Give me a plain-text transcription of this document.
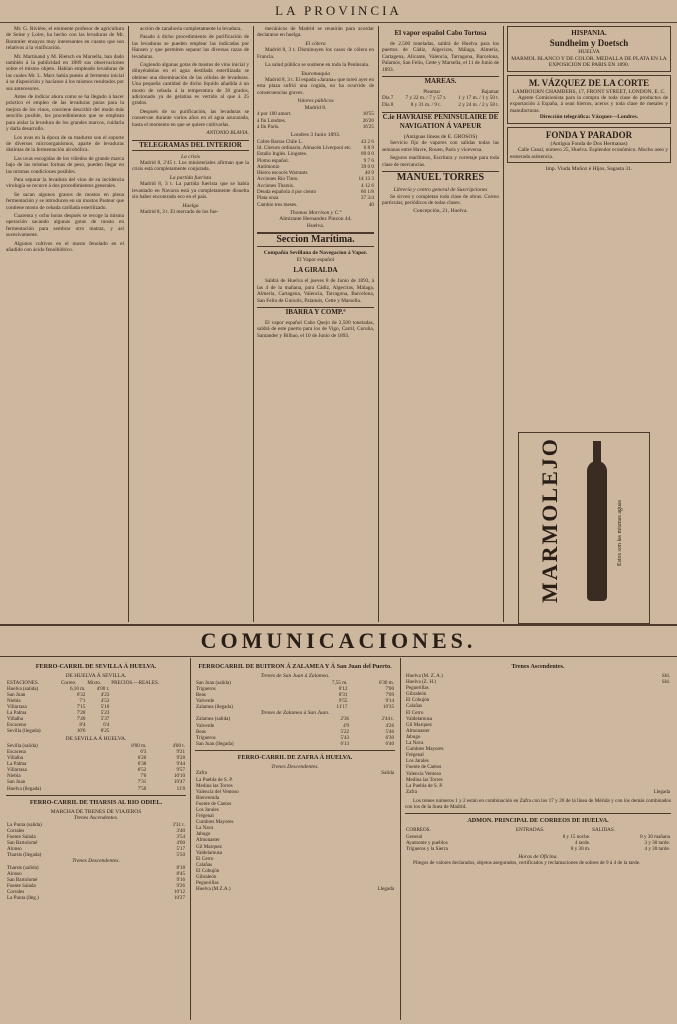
LA PROVINCIA

Mr. G. Rivière, el eminente profesor de agricultura de Seine y Loire, ha hecho con las levaduras de Mr. Rommier ensayos muy interesantes en cuanto que son relativos á la vinificación.

Mr. Martinand y M. Rietsch en Marsella, han dado también á la publicidad en 1889 sus observaciones sobre el mismo objeto. Habían empleado levaduras de las cuales Mr. L. Marx había puesto al fermento inicial á su disposición y hacíanse á los mismos resultados por sus antecesores.

Antes de indicar ahora como se ha llegado á hacer práctico el empleo de las levaduras puras para la mejora de los vinos, conviene describir del modo más sencillo posible, los procedimientos que se emplean para aislar la levadura de los grandes marcos, cuidarla y darla desarrollo.

Los uvas en la época de su madurez son el soporte de diversos microorganismos, aparte de levaduras distintas de la fermentación alcohólica.

Las uvas escogidas de los viñedos de grande marca bajo de las mismas formas de peso, pueden llegar en las mismas condiciones posibles.

Para separar la levadura del vino de su incidencia virología se recurre á dos procedimientos generales.

Se sacan algunos granos de mostos en plena fermentación y se introducen en un mostos Pasteur que contiene mosto de cebada cariñada esterilizado.

Cuarenta y ocho horas después se recoge la misma operación sacando algunas gotas de mosto en fermentación para sembrar otro matraz, y así sucesivamente.

Algunos cultivos en el mosto fenolado en el añadido con ácido fenolhídrico.

acción de zanahoria completamente la levadura.

Pasado á dicho procedimiento de purificación de las levaduras se pueden emplear las indicadas por Hansen y que permiten separar las diversas razas de levaduras.

Cogiendo algunas gotas de mostos de vino inicial y diluyéndolas en el agua destilada esterilizada se obtiene una diseminación de las células de levaduras. Una pequeña cantidad de dicho liquido añadida á un mosto de cebada á la temperatura de 30 grados, adicionado ya de gelatina es vertido al que á 25 grados.

Después de su purificación, las levaduras se conservan durante varios años en el agua azucarada, hasta el momento en que se quiere cultivarlas.

ANTONIO BLAVIA.
TELEGRAMAS DEL INTERIOR
La crisis

Madrid 8, 2'45 t. Los ministeriales afirman que la crisis está completamente conjurada.

La partida fuerista

Madrid 8, 3 t. La partida fuerista que se había levantado en Navarra está ya completamente disuelta sin haber encontrado eco en el país.

Huelga

Madrid 8, 3 t. El mercado de los fue-

mecánicos de Madrid se reunirán para acordar declararse en huelga.

El cólera

Madrid 8, 3 t. Disminuyen los casos de cólera en Francia.

La salud pública se sostiene en toda la Península.

Tauromaquia

Madrid 8, 3 t. El espada «Jarana» que toreó ayer en esta plaza sufrió una cogida, no ha ocurrido de consecuencias graves.

Valores públicos
Madrid 8.
4 por 100 amort.	18'55
á fin Londres.	26'20
á fin París.	16'25
Londres 3 Junio 1893.
Cobre Barras Chile L.	43 2 6
Id. Cloruro ordinario, Almacén Liverpool etc. 6 8 9
Estaño Inglés. Lingotes.	89 0 0
Plomo español.	9 7 6
Antimonio	39 0 0
Hierro escocés Warrants	40 9
Acciones Río Tinto.	14 13 3
Acciones Tharsis.	4 12 6
Deuda española 4 por ciento	66 1/8
Plata onza	37 3/4
Cambio tres meses.	40
Thomas Morrison y C.ª
Almirante Hernandez Pinzon 44.
Huelva.
Seccion Marítima.
Compañía Sevillana de Navegacion á Vapor.
El Vapor español
LA GIRALDA

Saldrá de Huelva el jueves 8 de Junio de 1893, á las 4 de la mañana, para Cádiz, Algeciras, Málaga, Almería, Cartagena, Valencia, Tarragona, Barcelona, San Feliu de Guixols, Palamós, Cette y Marsella.

IBARRA Y COMP.ª

El vapor español Cabo Quejo de 2,500 toneladas, saldrá de este puerto para los de Vigo, Carril, Coruña, Santander y Bilbao, el 10 de Junio de 1893.

El vapor español Cabo Tortosa

de 2.500 toneladas, saldrá de Huelva para los puertos de Cádiz, Algeciras, Málaga, Almería, Cartagena, Alicante, Valencia, Tarragona, Barcelona, Palamós, San Feliu, Cette y Marsella, el 11 de Junio de 1893.

MAREAS.
Pleamar	Bajamar
Día 7 7 y 22 m. / 7 y 57 t. 1 y 17 m. / 1 y 50 t.
Día 8	8 y 31 m. / 9 t.	2 y 24 m. / 2 y 58 t.
C.ie HAVRAISE PENINSULAIRE DE NAVIGATION Á VAPEUR
(Antiguas líneas de E. GROSOS)

Servicio fijo de vapores con salidas todas las semanas entre Havre, Rouen, París y viceversa.

Seguros marítimos, Escritura y corretaje para toda clase de mercancías.

MANUEL TORRES
Librería y centro general de Suscripciones

Se sirven y completan toda clase de obras. Correo particular, periódicos de todas clases.

Concepción, 21, Huelva.
HISPANIA.
Sundheim y Doetsch
HUELVA
MARMOL BLANCO Y DE COLOR. MEDALLA DE PLATA EN LA EXPOSICION DE PARIS EN 1890.
M. VÁZQUEZ DE LA CORTE
LAMBOURN CHAMBERS, 17, FRONT STREET, LONDON, E. C.

Agente Comisionista para la compra de toda clase de productos de exportación á España, á sean hierros, aceros y toda clase de metales y manufacturas.

Dirección telegráfica: Vázquez—Londres.
FONDA Y PARADOR
(Antigua Fonda de Dos Hermanas)

Calle Canal, número 25, Huelva. Esplendor económico. Mucho aseo y esmerada asistencia.

Imp. Viuda Muñoz é Hijos, Sagasta 31.
MARMOLEJO	Estos son las mismas aguas
COMUNICACIONES.
FERRO-CARRIL DE SEVILLA Á HUELVA.
DE HUELVA Á SEVILLA.
ESTACIONES.	Correo.	Mixto.	PRECIOS.—REALES.
Huelva (salida)	6,10 m.	4'00 t.	
San Juan	6'32	4'23	
Niebla	7'1	4'53	
Villarrasa	7'15	5'10	
La Palma	7'28	5'23	
Villalba	7'40	5'37	
Escacena	8'4	6'4	
Sevilla (llegada)	10'6	8'25	
DE SEVILLA Á HUELVA.
Sevilla (salida)	8'00 m.	4'00 t.
Escacena	6'3	9'21
Villalba	6'26	9'28
La Palma	6'38	9'44
Villarrasa	6'52	9'57
Niebla	7'6	10'10
San Juan	7'31	10'47
Huelva (llegada)	7'50	11'8
FERRO-CARRIL DE THARSIS AL RIO ODIEL.
MARCHA DE TRENES DE VIAJEROS
Trenes Ascendentes.
La Punta (salida)	3'31 t.
Corrales	3'40
Fuente Salada	3'54
San Bartolomé	4'00
Alonso	5'17
Tharsis (llegada)	5'50
Trenes Descendentes.
Tharsis (salida)	8'18
Alonso	8'45
San Bartolomé	9'16
Fuente Salada	9'26
Corrales	10'12
La Punta (lleg.)	10'27
FERROCARRIL DE BUITRON Á ZALAMEA Y Á San Juan del Puerto.
Trenes de San Juan á Zalamea.
San Juan (salida)	7,55 m.	6'30 m.
Trigueros	8'12	7'00
Beas	8'31	7'09
Valverde	9'55	9'14
Zalamea (llegada)	11'17	10'35
Trenes de Zalamea á San Juan.
Zalamea (salida)	2'36	2'44 t.
Valverde	4'9	4'26
Beas	5'22	5'46
Trigueros	5'43	6'30
San Juan (llegada)	6'13	6'40
FERRO-CARRIL DE ZAFRA Á HUELVA.
Trenes Descendentes.
Zafra	Salida
La Puebla de S. P.	
Medina las Torres	
Valencia del Ventoso	
Bienvenida	
Fuente de Cantos	
Los Jarales	
Frégenal	
Cumbres Mayores	
La Nava	
Jabugo	
Almonaster	
Gil Marquez	
Valdelamusa	
El Cerro	
Calañas	
El Cobujón	
Gibraleón	
Peguerillas	
Huelva (M.Z.A.)	Llegada
Trenes Ascendentes.
Huelva (M. Z. A.)	Sld.
Huelva (Z. H.)	Sld.
Peguerillas	
Gibraleón	
El Cobujón	
Calañas	
El Cerro	
Valdelamusa	
Gil Marquez	
Almonaster	
Jabugo	
La Nava	
Cumbres Mayores	
Frégenal	
Los Jarales	
Fuente de Cantos	
Valencia Ventoso	
Medina las Torres	
La Puebla de S. P.	
Zafra	Llegada

Los trenes números 1 y 2 están en combinación en Zafra con los 17 y 20 de la línea de Mérida y con los demás combinados con los de la línea de Madrid.

ADMON. PRINCIPAL DE CORREOS DE HUELVA.
CORREOS.	ENTRADAS.	SALIDAS.
General	8 y 15 noche.	8 y 30 mañana
Ayamonte y pueblos	4 tarde.	3 y 30 tarde.
Trigueros y la Sierra	8 y 30 m.	4 y 30 tarde.
Horas de Oficina.

Pliegos de valores declarados, objetos asegurados, certificados y reclamaciones de sobres de 9 á 4 de la tarde.
